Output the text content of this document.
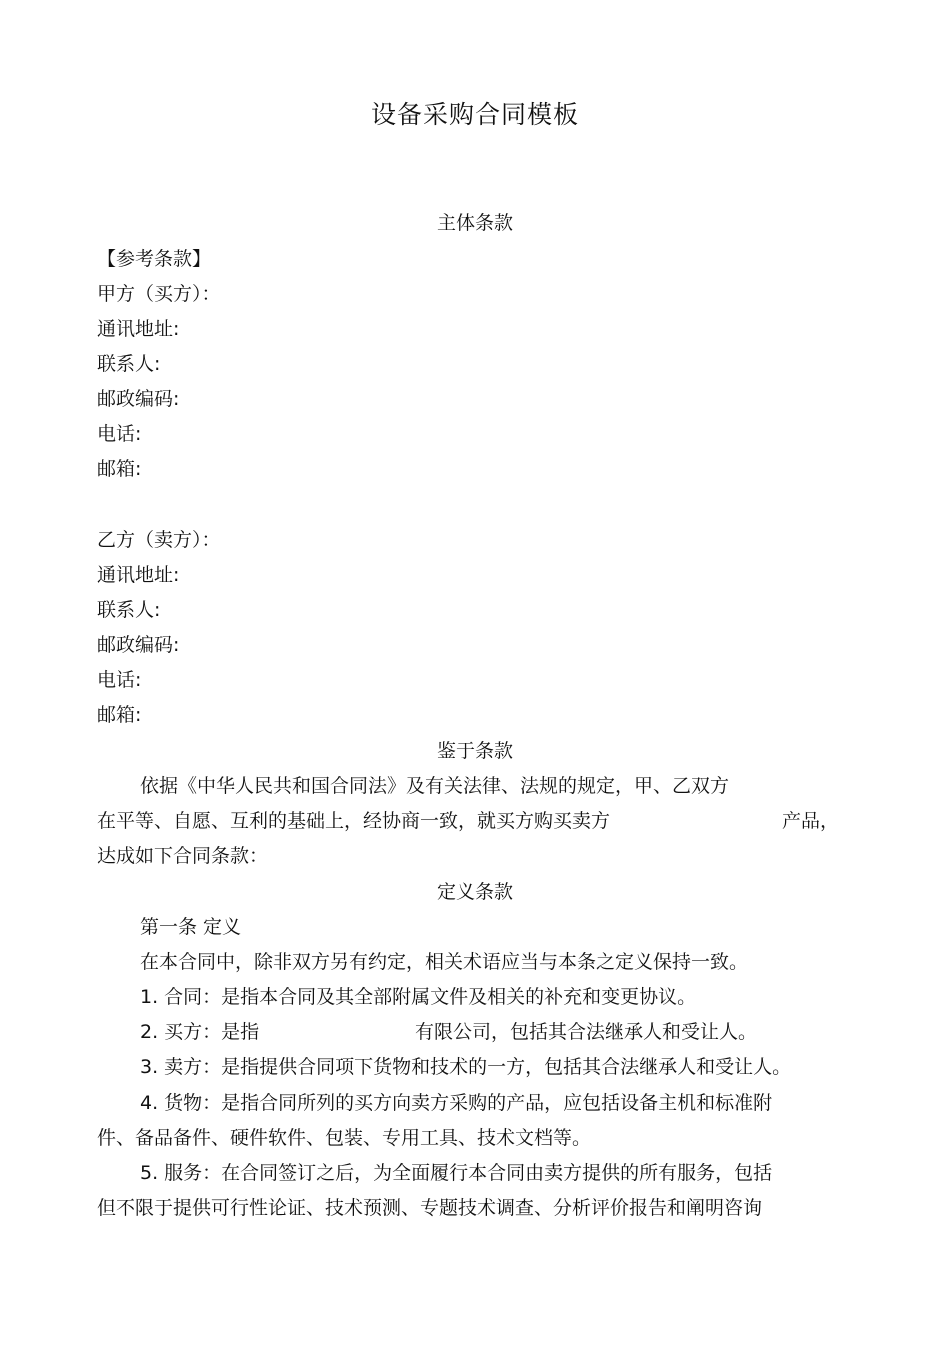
设备采购合同模板
主体条款
【参考条款】
甲方（买方）：
通讯地址:
联系人:
邮政编码:
电话:
邮箱:
乙方（卖方）：
通讯地址:
联系人:
邮政编码:
电话:
邮箱:
鉴于条款
依据《中华人民共和国合同法》及有关法律、法规的规定，甲、乙双方
在平等、自愿、互利的基础上，经协商一致，就买方购买卖方	产品，
达成如下合同条款：
定义条款
第一条 定义
在本合同中，除非双方另有约定，相关术语应当与本条之定义保持一致。
1. 合同：是指本合同及其全部附属文件及相关的补充和变更协议。
2. 买方：是指	有限公司，包括其合法继承人和受让人。
3. 卖方：是指提供合同项下货物和技术的一方，包括其合法继承人和受让人。
4. 货物：是指合同所列的买方向卖方采购的产品，应包括设备主机和标准附
件、备品备件、硬件软件、包装、专用工具、技术文档等。
5. 服务：在合同签订之后，为全面履行本合同由卖方提供的所有服务，包括
但不限于提供可行性论证、技术预测、专题技术调查、分析评价报告和阐明咨询
